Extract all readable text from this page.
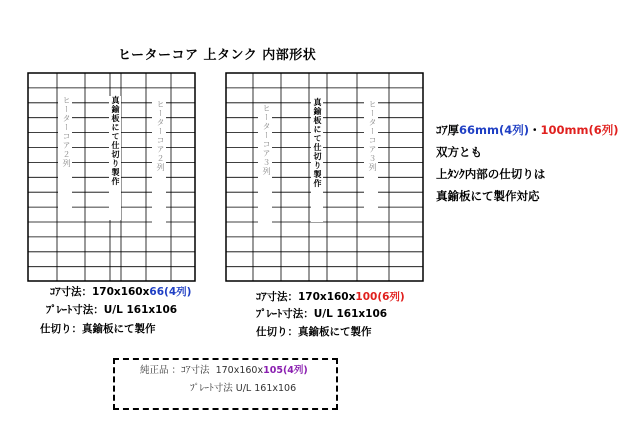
ヒーターコア 上タンク 内部形状
ヒーターコア２列	真鍮板にて仕切り製作	ヒーターコア２列	ヒーターコア３列	真鍮板にて仕切り製作	ヒーターコア３列
ｺｱ寸法：170x160x66(4列)
ﾌﾟﾚｰﾄ寸法：U/L 161x106
仕切り：真鍮板にて製作
ｺｱ寸法：170x160x100(6列)
ﾌﾟﾚｰﾄ寸法：U/L 161x106
仕切り：真鍮板にて製作
ｺｱ厚66mm(4列)・100mm(6列)
双方とも
上ﾀﾝｸ内部の仕切りは
真鍮板にて製作対応
純正品 ：ｺｱ寸法 170x160x105(4列)
ﾌﾟﾚｰﾄ寸法 U/L 161x106
